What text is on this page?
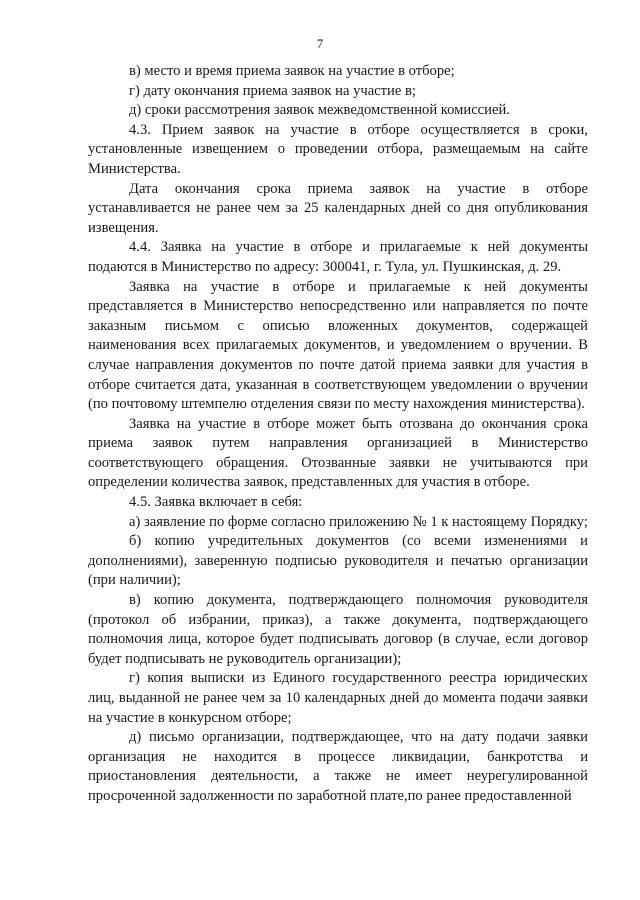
7

в) место и время приема заявок на участие в отборе;

г) дату окончания приема заявок на участие в;

д) сроки рассмотрения заявок межведомственной комиссией.

4.3. Прием заявок на участие в отборе осуществляется в сроки, установленные извещением о проведении отбора, размещаемым на сайте Министерства.

Дата окончания срока приема заявок на участие в отборе устанавливается не ранее чем за 25 календарных дней со дня опубликования извещения.

4.4. Заявка на участие в отборе и прилагаемые к ней документы подаются в Министерство по адресу: 300041, г. Тула, ул. Пушкинская, д. 29.

Заявка на участие в отборе и прилагаемые к ней документы представляется в Министерство непосредственно или направляется по почте заказным письмом с описью вложенных документов, содержащей наименования всех прилагаемых документов, и уведомлением о вручении. В случае направления документов по почте датой приема заявки для участия в отборе считается дата, указанная в соответствующем уведомлении о вручении (по почтовому штемпелю отделения связи по месту нахождения министерства).

Заявка на участие в отборе может быть отозвана до окончания срока приема заявок путем направления организацией в Министерство соответствующего обращения. Отозванные заявки не учитываются при определении количества заявок, представленных для участия в отборе.

4.5. Заявка включает в себя:

а) заявление по форме согласно приложению № 1 к настоящему Порядку;

б) копию учредительных документов (со всеми изменениями и дополнениями), заверенную подписью руководителя и печатью организации (при наличии);

в) копию документа, подтверждающего полномочия руководителя (протокол об избрании, приказ), а также документа, подтверждающего полномочия лица, которое будет подписывать договор (в случае, если договор будет подписывать не руководитель организации);

г) копия выписки из Единого государственного реестра юридических лиц, выданной не ранее чем за 10 календарных дней до момента подачи заявки на участие в конкурсном отборе;

д) письмо организации, подтверждающее, что на дату подачи заявки организация не находится в процессе ликвидации, банкротства и приостановления деятельности, а также не имеет неурегулированной просроченной задолженности по заработной плате,по ранее предоставленной
